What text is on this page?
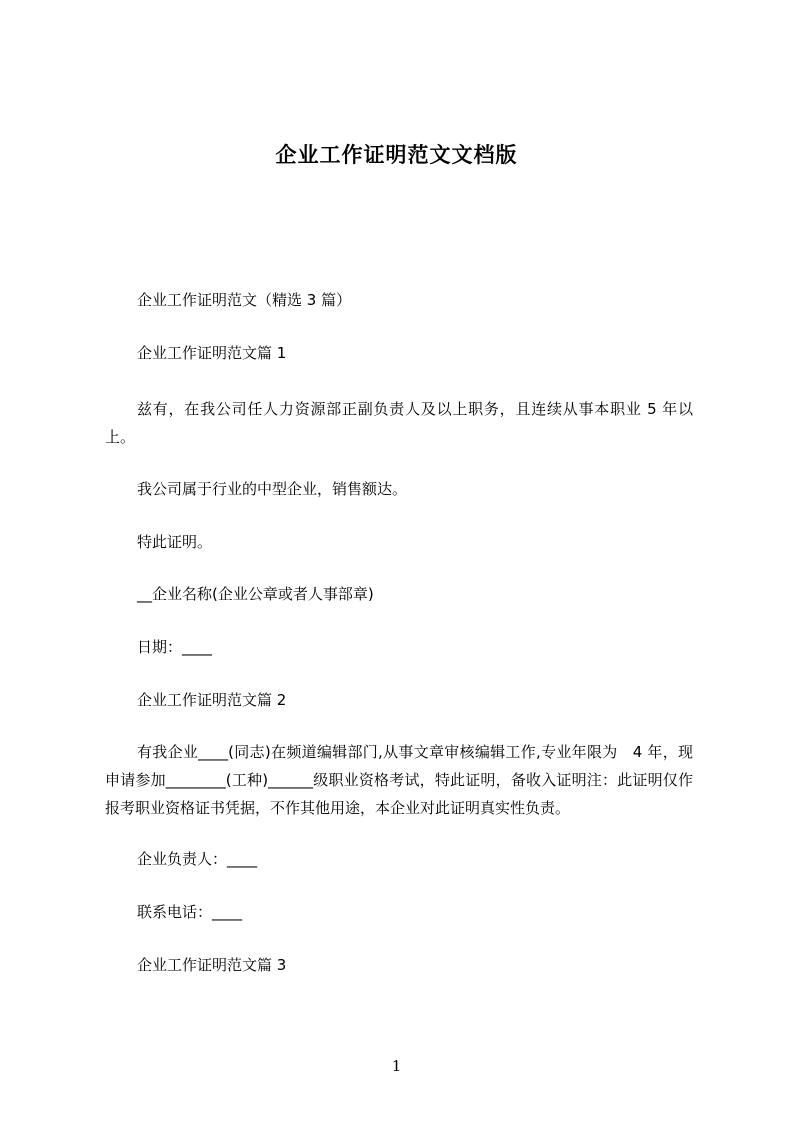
企业工作证明范文文档版
企业工作证明范文（精选 3 篇）
企业工作证明范文篇 1
兹有，在我公司任人力资源部正副负责人及以上职务，且连续从事本职业 5 年以上。
我公司属于行业的中型企业，销售额达。
特此证明。
__企业名称(企业公章或者人事部章)
日期：____
企业工作证明范文篇 2
有我企业____(同志)在频道编辑部门,从事文章审核编辑工作,专业年限为　4 年，现申请参加________(工种)______级职业资格考试，特此证明，备收入证明注：此证明仅作报考职业资格证书凭据，不作其他用途，本企业对此证明真实性负责。
企业负责人：____
联系电话：____
企业工作证明范文篇 3
1
